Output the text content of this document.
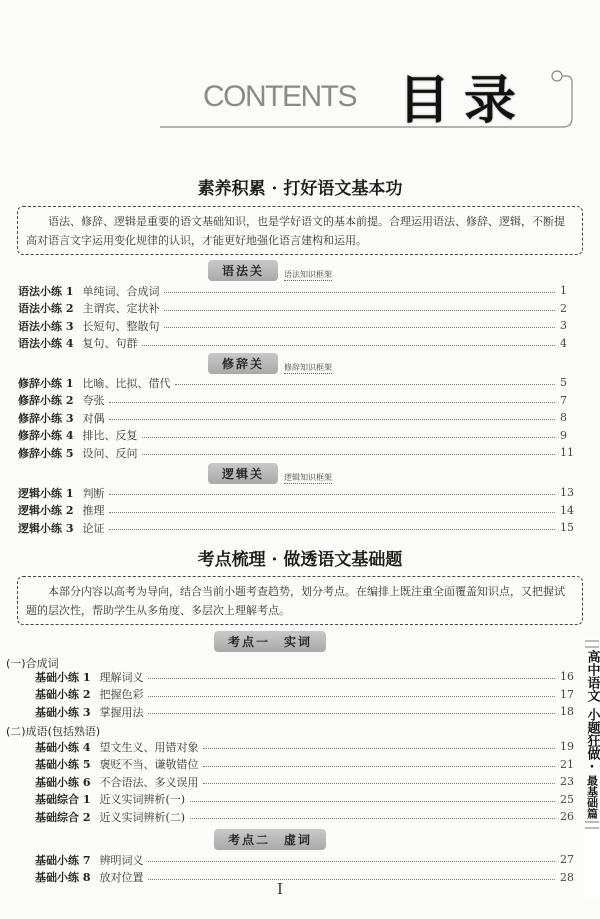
CONTENTS 目录
素养积累 · 打好语文基本功
语法、修辞、逻辑是重要的语文基础知识，也是学好语文的基本前提。合理运用语法、修辞、逻辑，不断提高对语言文字运用变化规律的认识，才能更好地强化语言建构和运用。
考点梳理 · 做透语文基础题
本部分内容以高考为导向，结合当前小题考查趋势，划分考点。在编排上既注重全面覆盖知识点，又把握试题的层次性，帮助学生从多角度、多层次上理解考点。
语法关	语法知识框架
语法小练 1 单纯词、合成词	1
语法小练 2 主谓宾、定状补	2
语法小练 3 长短句、整散句	3
语法小练 4 复句、句群	4
修辞关	修辞知识框架
修辞小练 1 比喻、比拟、借代	5
修辞小练 2 夸张	7
修辞小练 3 对偶	8
修辞小练 4 排比、反复	9
修辞小练 5 设问、反问	11
逻辑关	逻辑知识框架
逻辑小练 1 判断	13
逻辑小练 2 推理	14
逻辑小练 3 论证	15
考点一　实词
(一)合成词
基础小练 1 理解词义	16
基础小练 2 把握色彩	17
基础小练 3 掌握用法	18
(二)成语(包括熟语)
基础小练 4 望文生义、用错对象	19
基础小练 5 褒贬不当、谦敬错位	21
基础小练 6 不合语法、多义误用	23
基础综合 1 近义实词辨析(一)	25
基础综合 2 近义实词辨析(二)	26
考点二　虚词
基础小练 7 辨明词义	27
基础小练 8 放对位置	28
I
高中语文
小题狂做
·
最基础篇
